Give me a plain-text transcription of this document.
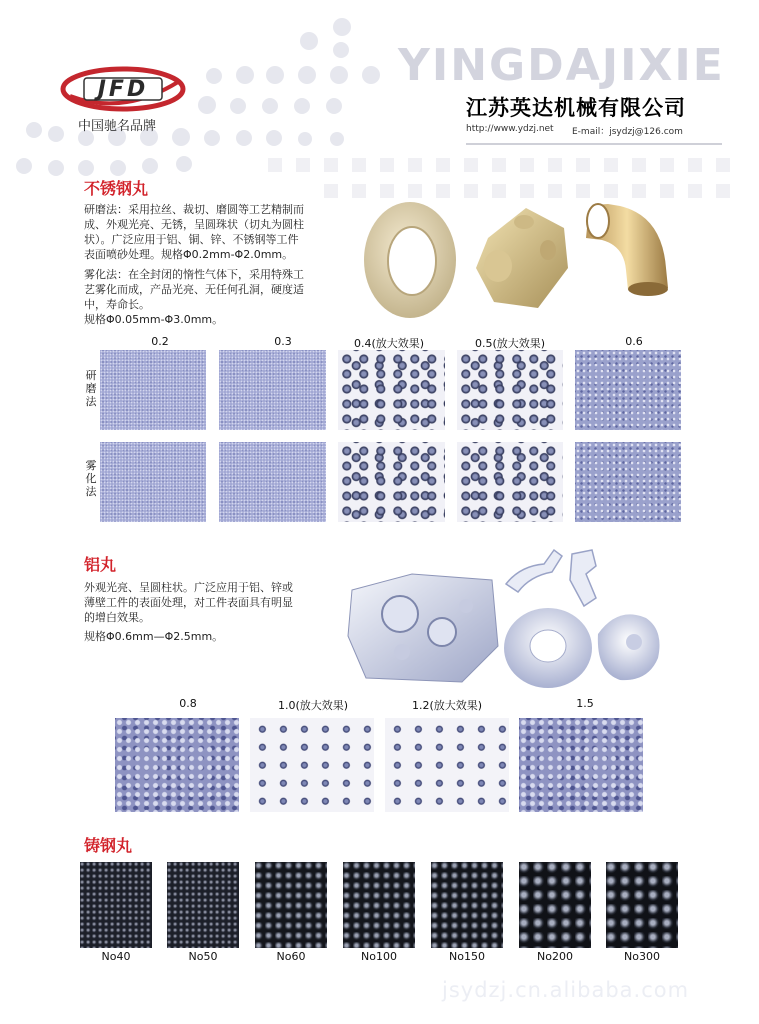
JFD
中国驰名品牌
YINGDAJIXIE
江苏英达机械有限公司
http://www.ydzj.net E-mail：jsydzj@126.com
不锈钢丸
研磨法：采用拉丝、裁切、磨圆等工艺精制而
成、外观光亮、无锈，呈圆珠状（切丸为圆柱
状）。广泛应用于铝、铜、锌、不锈钢等工件
表面喷砂处理。规格Φ0.2mm-Φ2.0mm。
雾化法：在全封闭的惰性气体下，采用特殊工
艺雾化而成，产品光亮、无任何孔洞，硬度适
中，寿命长。
规格Φ0.05mm-Φ3.0mm。
0.2	0.3	0.4(放大效果)	0.5(放大效果)	0.6
研
磨
法
雾
化
法
铝丸
外观光亮、呈圆柱状。广泛应用于铝、锌或
薄壁工件的表面处理，对工件表面具有明显
的增白效果。
规格Φ0.6mm—Φ2.5mm。
0.8	1.0(放大效果)	1.2(放大效果)	1.5
铸钢丸
No40	No50	No60	No100	No150	No200	No300
jsydzj.cn.alibaba.com
